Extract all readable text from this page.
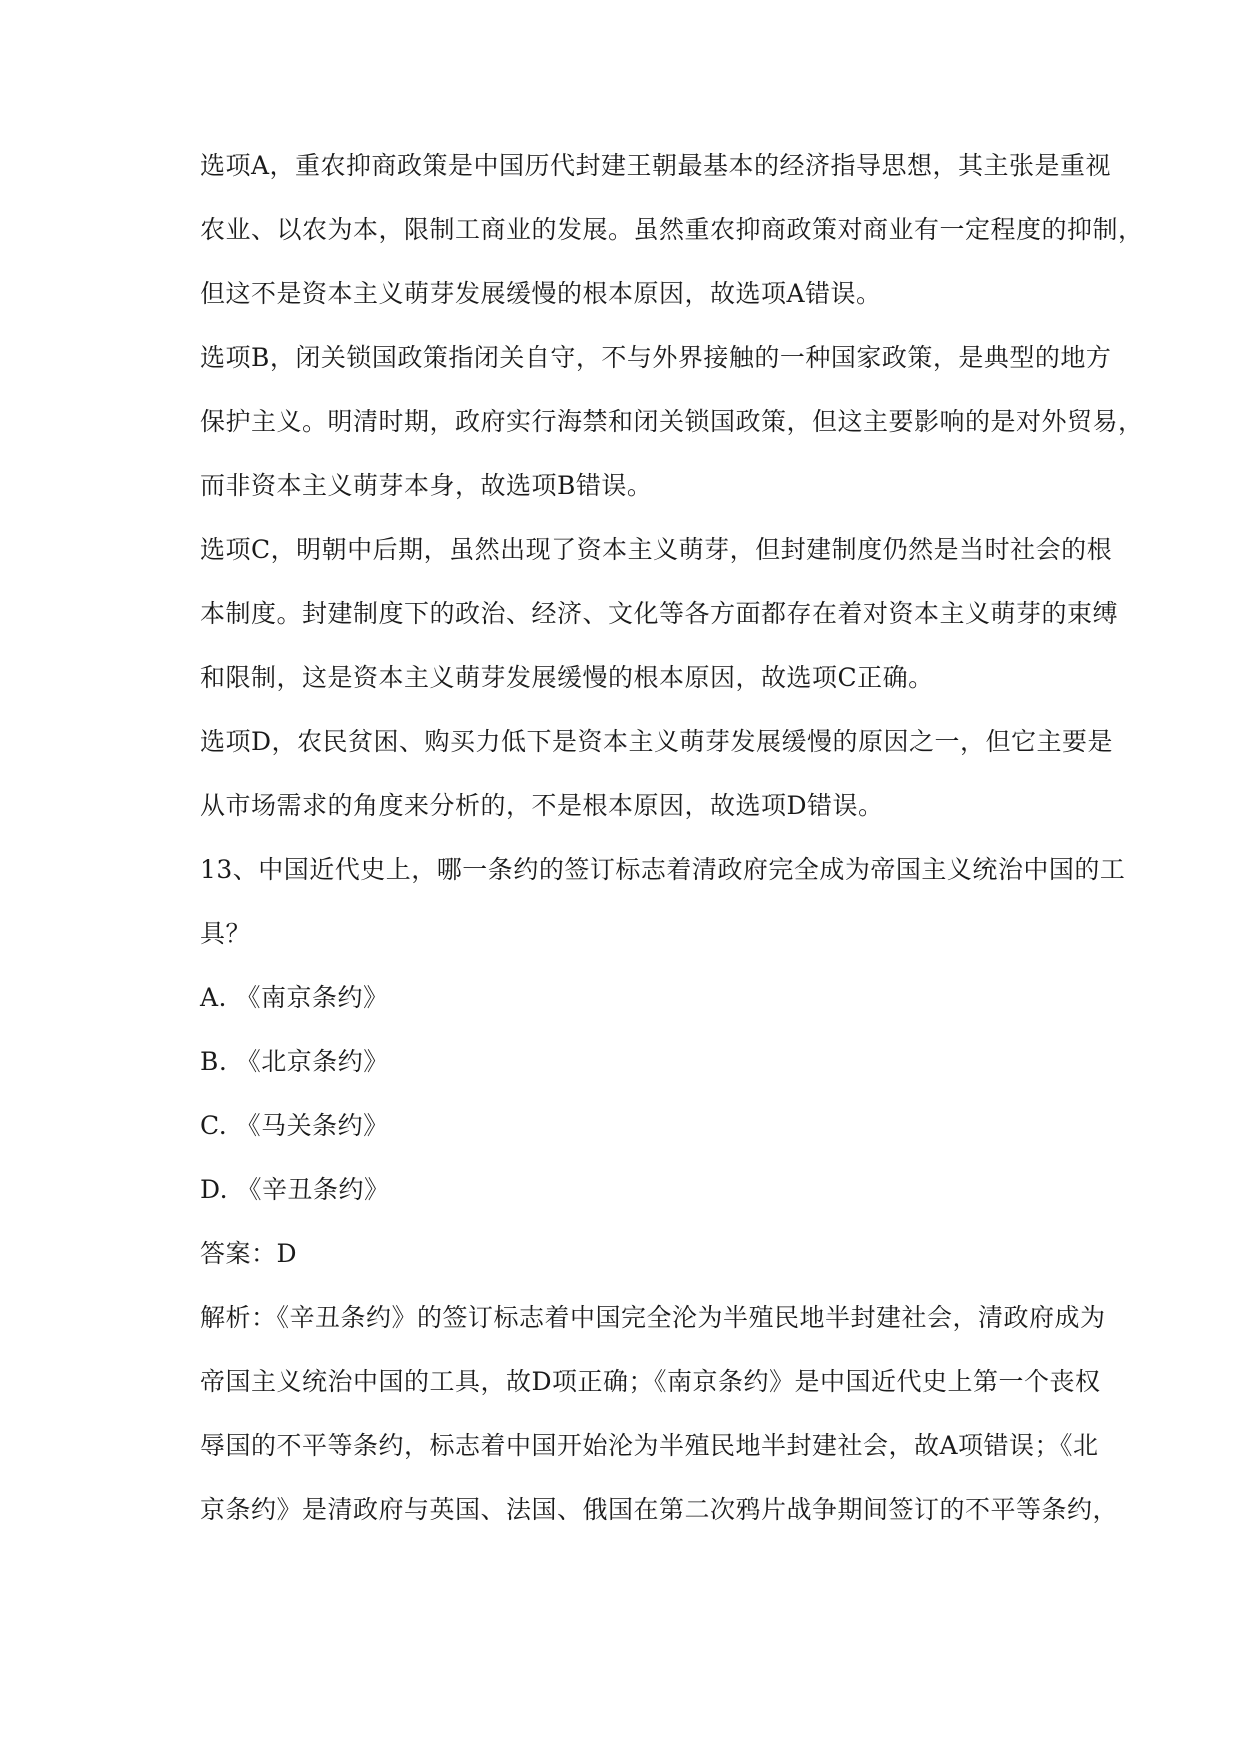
选项A，重农抑商政策是中国历代封建王朝最基本的经济指导思想，其主张是重视
农业、以农为本，限制工商业的发展。虽然重农抑商政策对商业有一定程度的抑制，
但这不是资本主义萌芽发展缓慢的根本原因，故选项A错误。
选项B，闭关锁国政策指闭关自守，不与外界接触的一种国家政策，是典型的地方
保护主义。明清时期，政府实行海禁和闭关锁国政策，但这主要影响的是对外贸易，
而非资本主义萌芽本身，故选项B错误。
选项C，明朝中后期，虽然出现了资本主义萌芽，但封建制度仍然是当时社会的根
本制度。封建制度下的政治、经济、文化等各方面都存在着对资本主义萌芽的束缚
和限制，这是资本主义萌芽发展缓慢的根本原因，故选项C正确。
选项D，农民贫困、购买力低下是资本主义萌芽发展缓慢的原因之一，但它主要是
从市场需求的角度来分析的，不是根本原因，故选项D错误。
13、中国近代史上，哪一条约的签订标志着清政府完全成为帝国主义统治中国的工
具？
A. 《南京条约》
B. 《北京条约》
C. 《马关条约》
D. 《辛丑条约》
答案：D
解析：《辛丑条约》的签订标志着中国完全沦为半殖民地半封建社会，清政府成为
帝国主义统治中国的工具，故D项正确；《南京条约》是中国近代史上第一个丧权
辱国的不平等条约，标志着中国开始沦为半殖民地半封建社会，故A项错误；《北
京条约》是清政府与英国、法国、俄国在第二次鸦片战争期间签订的不平等条约，
